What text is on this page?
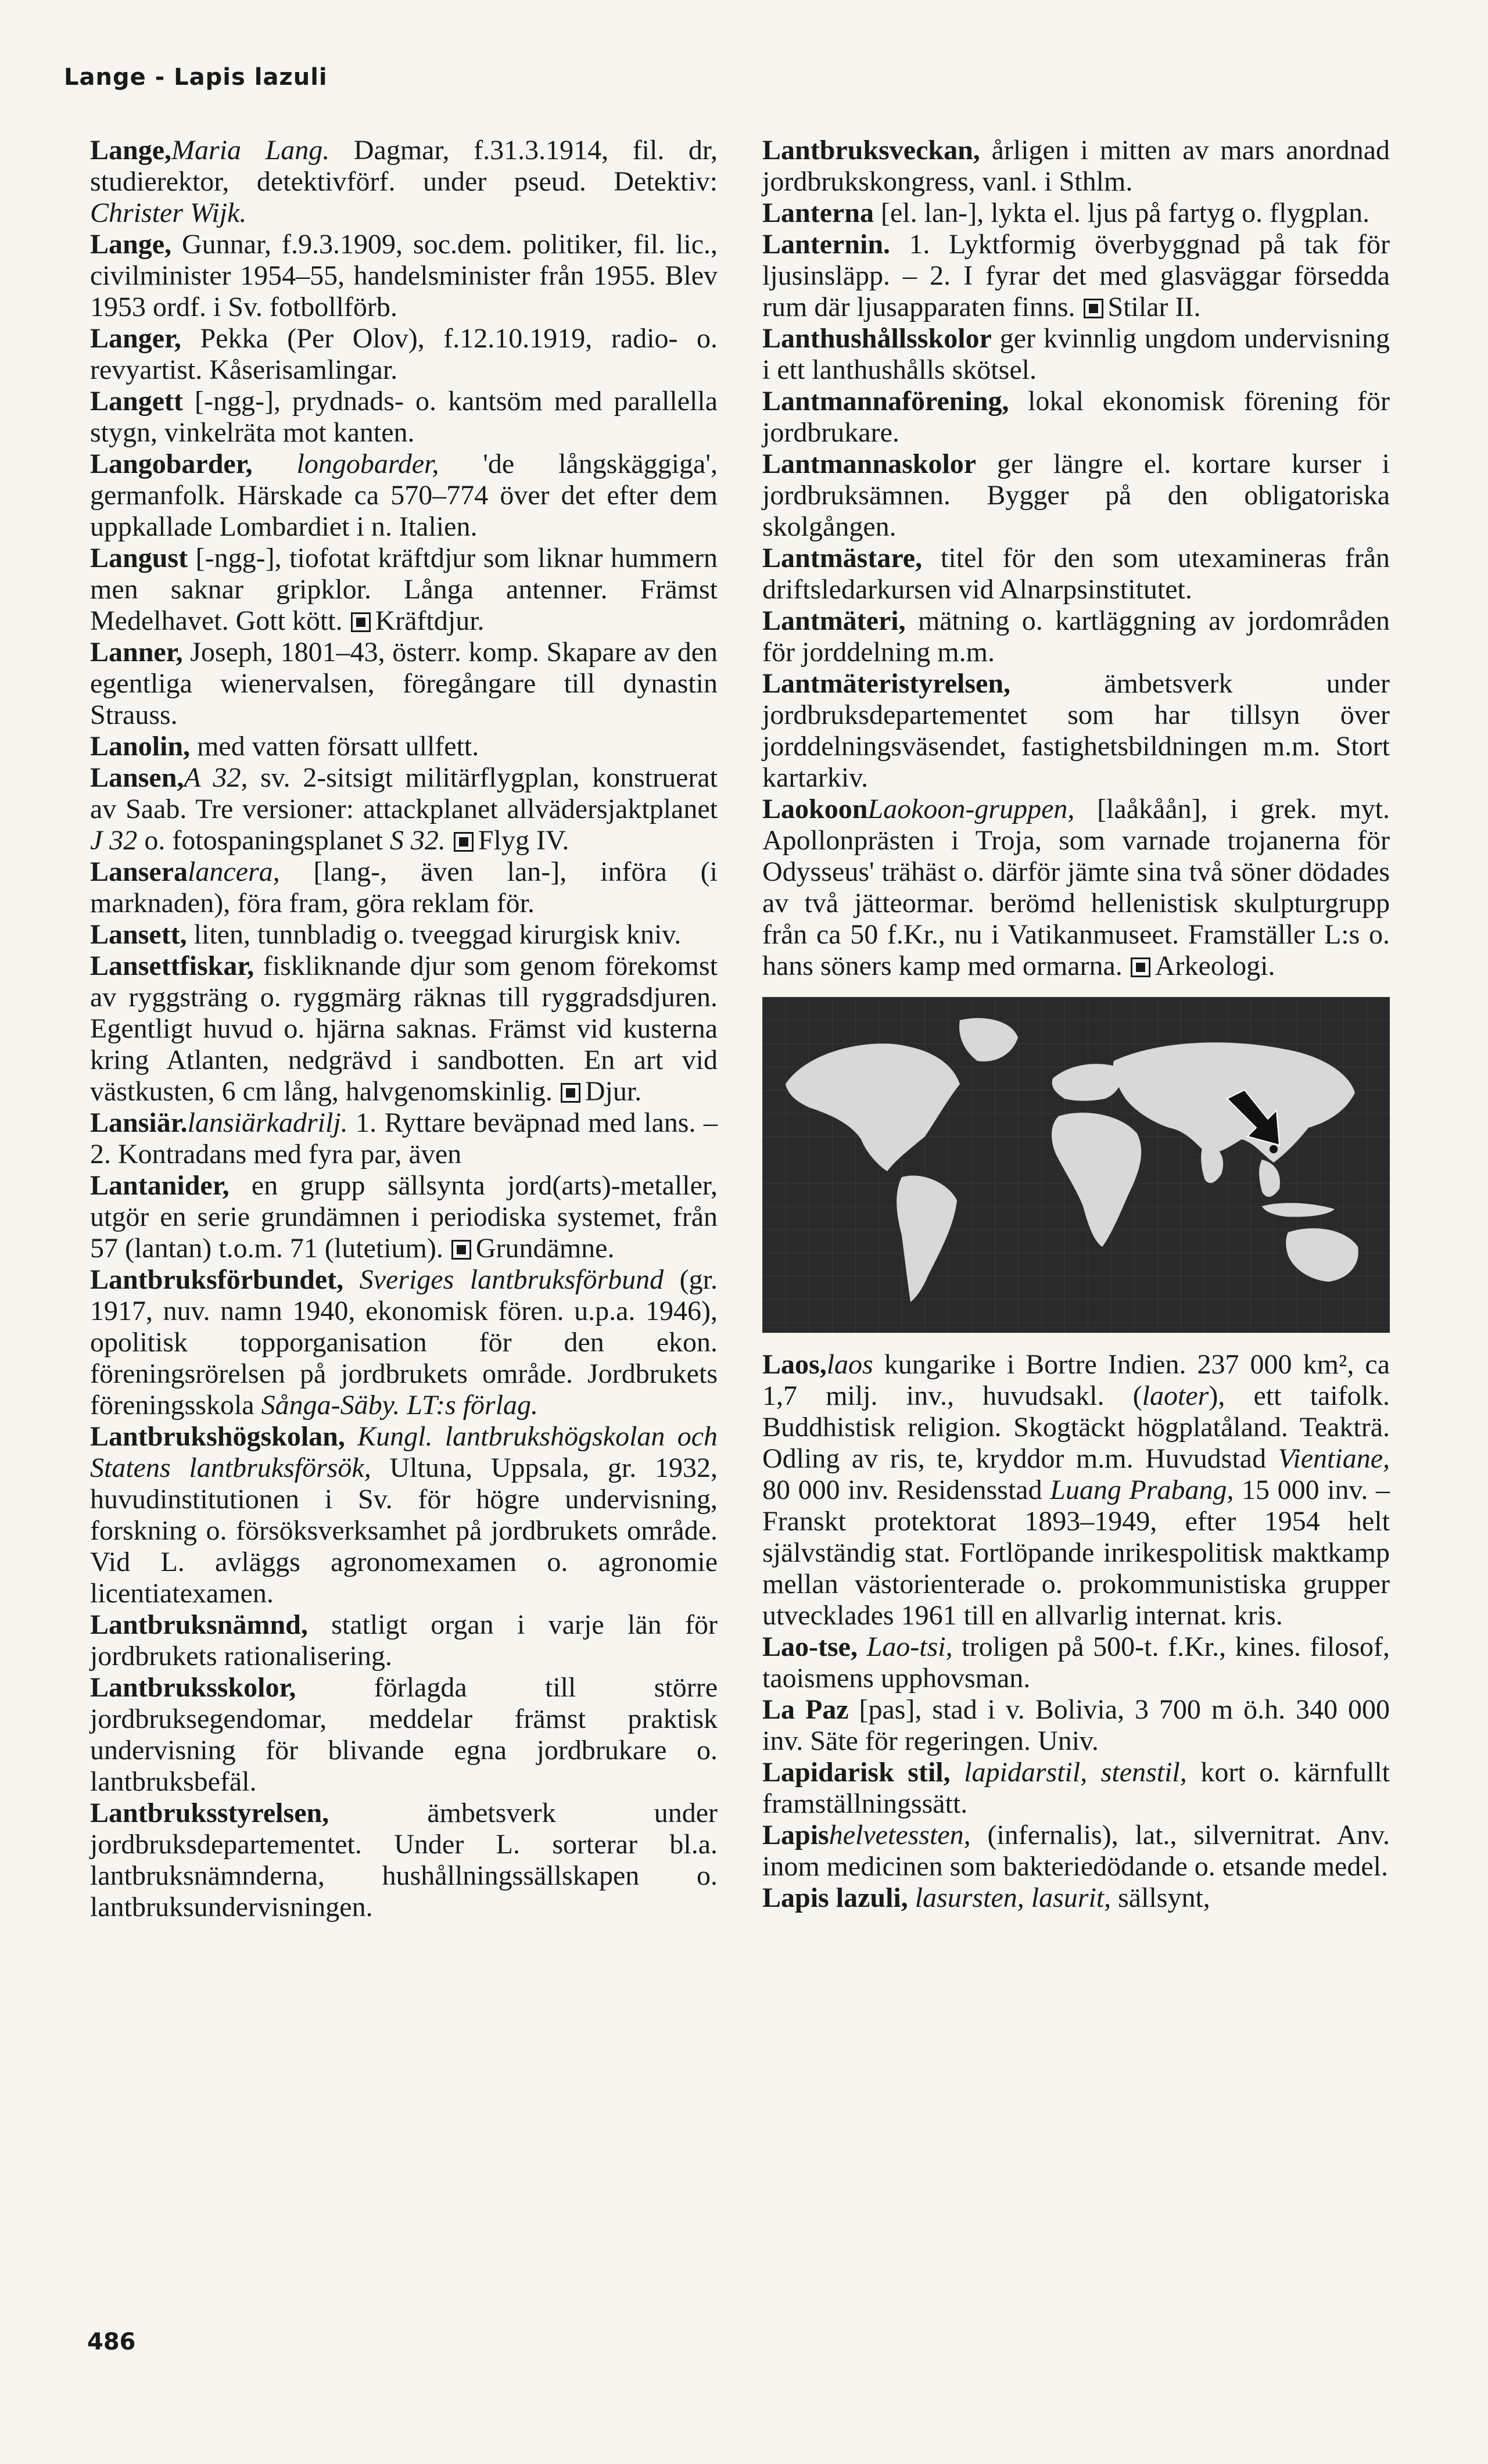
Lange - Lapis lazuli

Lange,Maria Lang. Dagmar, f.31.3.1914, fil. dr, studierektor, detektivförf. under pseud. Detektiv: Christer Wijk.

Lange, Gunnar, f.9.3.1909, soc.dem. politiker, fil. lic., civilminister 1954–55, handelsminister från 1955. Blev 1953 ordf. i Sv. fotbollförb.

Langer, Pekka (Per Olov), f.12.10.1919, radio- o. revyartist. Kåserisamlingar.

Langett [-ngg-], prydnads- o. kantsöm med parallella stygn, vinkelräta mot kanten.

Langobarder, longobarder, 'de långskäggiga', germanfolk. Härskade ca 570–774 över det efter dem uppkallade Lombardiet i n. Italien.

Langust [-ngg-], tiofotat kräftdjur som liknar hummern men saknar gripklor. Långa antenner. Främst Medelhavet. Gott kött. Kräftdjur.

Lanner, Joseph, 1801–43, österr. komp. Skapare av den egentliga wienervalsen, föregångare till dynastin Strauss.

Lanolin, med vatten försatt ullfett.

Lansen,A 32, sv. 2-sitsigt militärflygplan, konstruerat av Saab. Tre versioner: attackplanet allvädersjaktplanet J 32 o. fotospaningsplanet S 32. Flyg IV.

Lanseralancera, [lang-, även lan-], införa (i marknaden), föra fram, göra reklam för.

Lansett, liten, tunnbladig o. tveeggad kirurgisk kniv.

Lansettfiskar, fiskliknande djur som genom förekomst av ryggsträng o. ryggmärg räknas till ryggradsdjuren. Egentligt huvud o. hjärna saknas. Främst vid kusterna kring Atlanten, nedgrävd i sandbotten. En art vid västkusten, 6 cm lång, halvgenomskinlig. Djur.

Lansiär.lansiärkadrilj. 1. Ryttare beväpnad med lans. – 2. Kontradans med fyra par, även

Lantanider, en grupp sällsynta jord(arts)-metaller, utgör en serie grundämnen i periodiska systemet, från 57 (lantan) t.o.m. 71 (lutetium). Grundämne.

Lantbruksförbundet, Sveriges lantbruksförbund (gr. 1917, nuv. namn 1940, ekonomisk fören. u.p.a. 1946), opolitisk topporganisation för den ekon. föreningsrörelsen på jordbrukets område. Jordbrukets föreningsskola Sånga-Säby. LT:s förlag.

Lantbrukshögskolan, Kungl. lantbrukshögskolan och Statens lantbruksförsök, Ultuna, Uppsala, gr. 1932, huvudinstitutionen i Sv. för högre undervisning, forskning o. försöksverksamhet på jordbrukets område. Vid L. avläggs agronomexamen o. agronomie licentiatexamen.

Lantbruksnämnd, statligt organ i varje län för jordbrukets rationalisering.

Lantbruksskolor, förlagda till större jordbruksegendomar, meddelar främst praktisk undervisning för blivande egna jordbrukare o. lantbruksbefäl.

Lantbruksstyrelsen, ämbetsverk under jordbruksdepartementet. Under L. sorterar bl.a. lantbruksnämnderna, hushållningssällskapen o. lantbruksundervisningen.

Lantbruksveckan, årligen i mitten av mars anordnad jordbrukskongress, vanl. i Sthlm.

Lanterna [el. lan-], lykta el. ljus på fartyg o. flygplan.

Lanternin. 1. Lyktformig överbyggnad på tak för ljusinsläpp. – 2. I fyrar det med glasväggar försedda rum där ljusapparaten finns. Stilar II.

Lanthushållsskolor ger kvinnlig ungdom undervisning i ett lanthushålls skötsel.

Lantmannaförening, lokal ekonomisk förening för jordbrukare.

Lantmannaskolor ger längre el. kortare kurser i jordbruksämnen. Bygger på den obligatoriska skolgången.

Lantmästare, titel för den som utexamineras från driftsledarkursen vid Alnarpsinstitutet.

Lantmäteri, mätning o. kartläggning av jordområden för jorddelning m.m.

Lantmäteristyrelsen, ämbetsverk under jordbruksdepartementet som har tillsyn över jorddelningsväsendet, fastighetsbildningen m.m. Stort kartarkiv.

LaokoonLaokoon-gruppen, [laåkåån], i grek. myt. Apollonprästen i Troja, som varnade trojanerna för Odysseus' trähäst o. därför jämte sina två söner dödades av två jätteormar. berömd hellenistisk skulpturgrupp från ca 50 f.Kr., nu i Vatikanmuseet. Framställer L:s o. hans söners kamp med ormarna. Arkeologi.

Laos,laos kungarike i Bortre Indien. 237 000 km², ca 1,7 milj. inv., huvudsakl. (laoter), ett taifolk. Buddhistisk religion. Skogtäckt högplatåland. Teakträ. Odling av ris, te, kryddor m.m. Huvudstad Vientiane, 80 000 inv. Residensstad Luang Prabang, 15 000 inv. – Franskt protektorat 1893–1949, efter 1954 helt självständig stat. Fortlöpande inrikespolitisk maktkamp mellan västorienterade o. prokommunistiska grupper utvecklades 1961 till en allvarlig internat. kris.

Lao-tse, Lao-tsi, troligen på 500-t. f.Kr., kines. filosof, taoismens upphovsman.

La Paz [pas], stad i v. Bolivia, 3 700 m ö.h. 340 000 inv. Säte för regeringen. Univ.

Lapidarisk stil, lapidarstil, stenstil, kort o. kärnfullt framställningssätt.

Lapishelvetessten, (infernalis), lat., silvernitrat. Anv. inom medicinen som bakteriedödande o. etsande medel.

Lapis lazuli, lasursten, lasurit, sällsynt,

486
